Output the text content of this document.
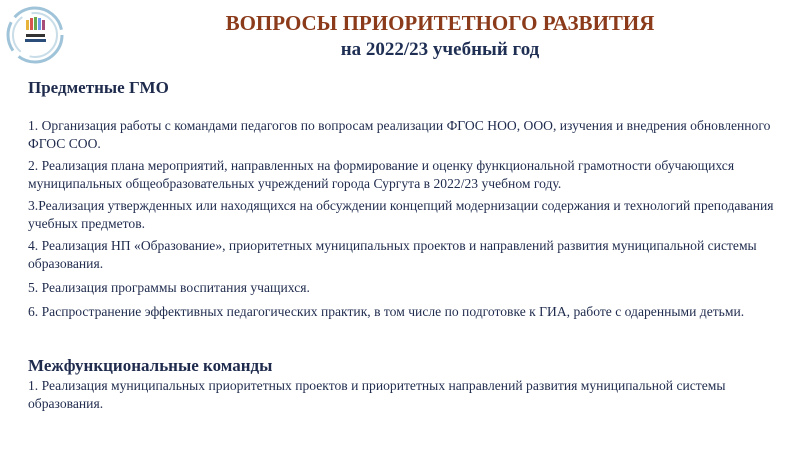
ВОПРОСЫ ПРИОРИТЕТНОГО РАЗВИТИЯ
на 2022/23 учебный год
Предметные ГМО
1. Организация работы с командами педагогов по вопросам реализации ФГОС НОО, ООО, изучения и внедрения обновленного ФГОС СОО.
2. Реализация плана мероприятий, направленных на формирование и оценку функциональной грамотности обучающихся муниципальных общеобразовательных учреждений города Сургута в 2022/23 учебном году.
3.Реализация утвержденных или находящихся на обсуждении концепций модернизации содержания и технологий преподавания учебных предметов.
4. Реализация НП «Образование», приоритетных муниципальных проектов и направлений развития муниципальной системы образования.
5. Реализация программы воспитания учащихся.
6. Распространение эффективных педагогических практик, в том числе по подготовке к ГИА, работе с одаренными детьми.
Межфункциональные команды
1. Реализация муниципальных приоритетных проектов и приоритетных направлений развития муниципальной системы образования.
